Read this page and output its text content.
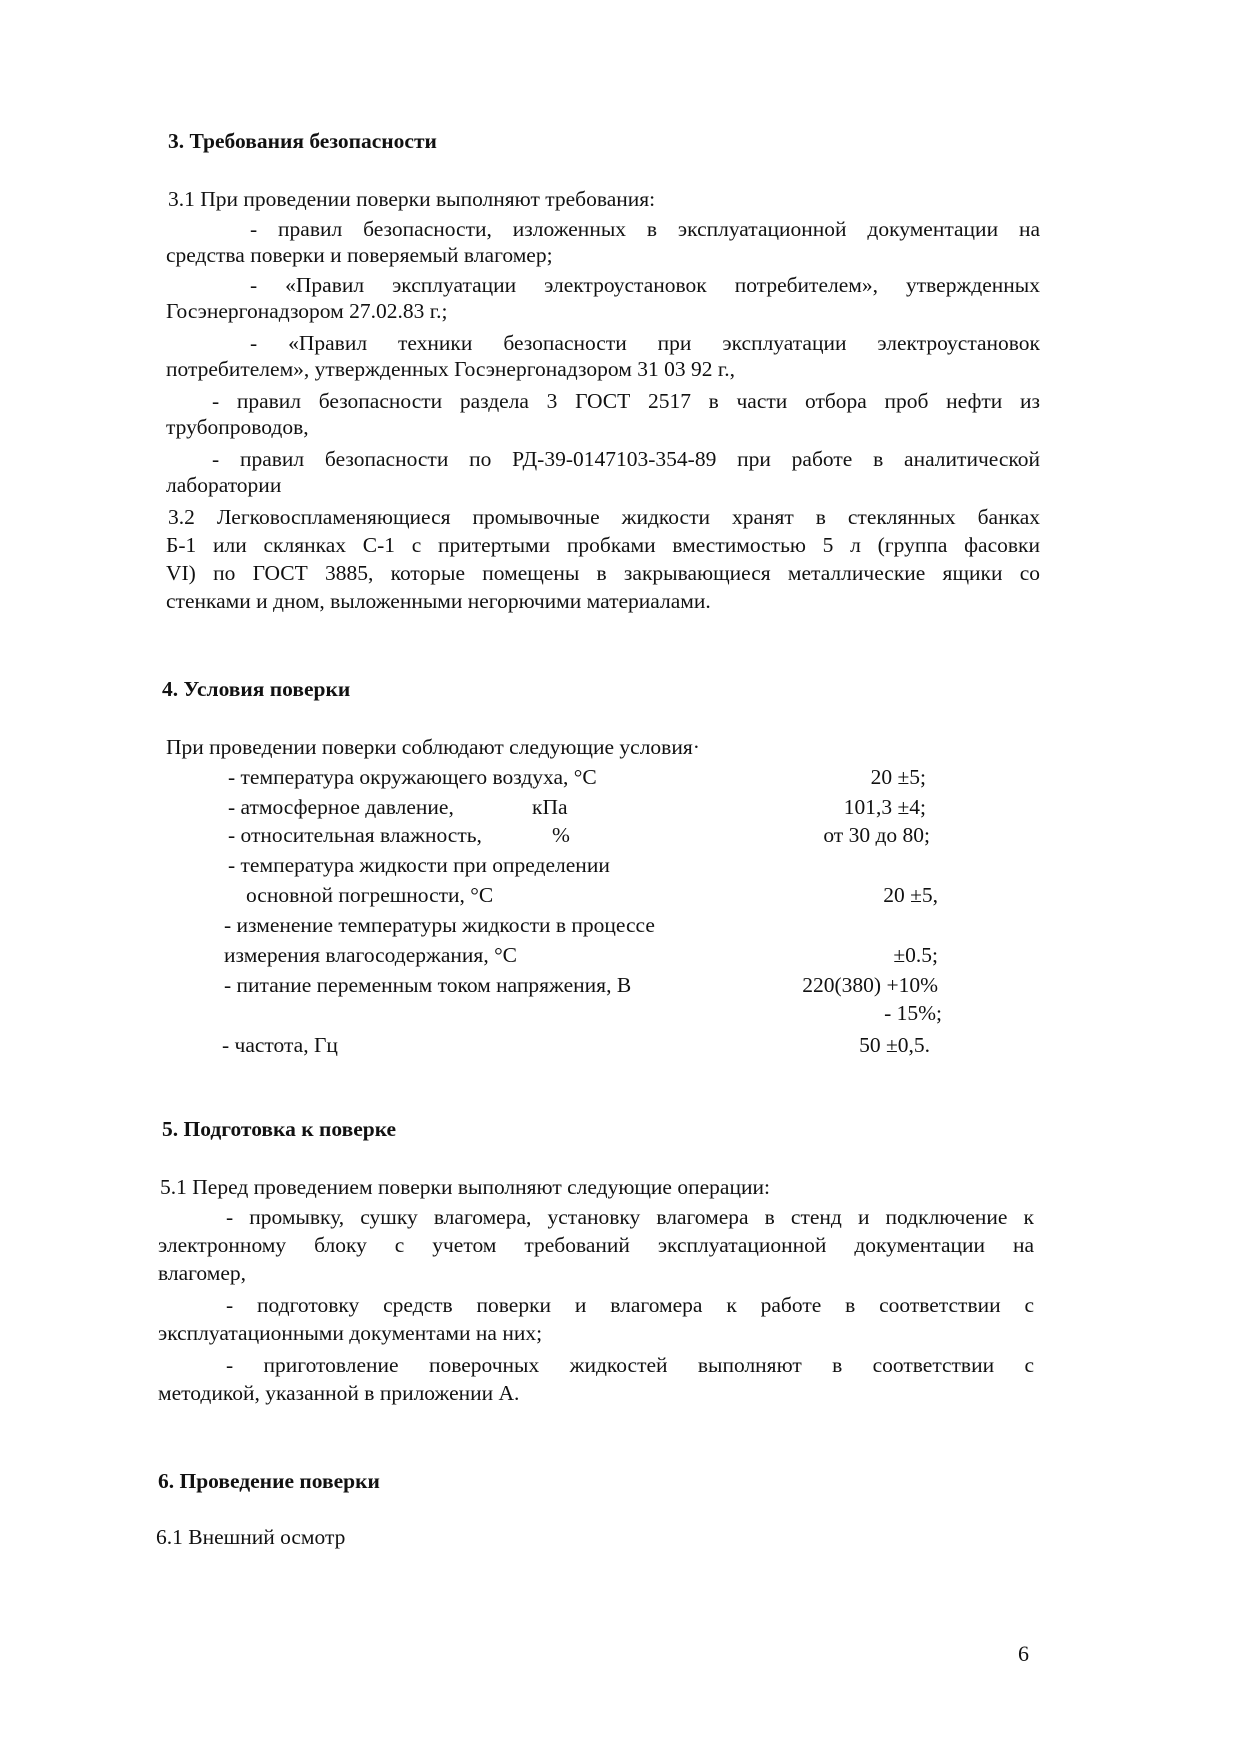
3. Требования безопасности
3.1 При проведении поверки выполняют требования:
- правил безопасности, изложенных в эксплуатационной документации на
средства поверки и поверяемый влагомер;
- «Правил эксплуатации электроустановок потребителем», утвержденных
Госэнергонадзором 27.02.83 г.;
- «Правил техники безопасности при эксплуатации электроустановок
потребителем», утвержденных Госэнергонадзором 31 03 92 г.,
- правил безопасности раздела 3 ГОСТ 2517 в части отбора проб нефти из
трубопроводов,
- правил безопасности по РД-39-0147103-354-89 при работе в аналитической
лаборатории
3.2 Легковоспламеняющиеся промывочные жидкости хранят в стеклянных банках
Б-1 или склянках С-1 с притертыми пробками вместимостью 5 л (группа фасовки
VI) по ГОСТ 3885, которые помещены в закрывающиеся металлические ящики со
стенками и дном, выложенными негорючими материалами.
4. Условия поверки
При проведении поверки соблюдают следующие условия·
- температура окружающего воздуха, °С	20 ±5;
- атмосферное давление,	кПа	101,3 ±4;
- относительная влажность,	%	от 30 до 80;
- температура жидкости при определении
основной погрешности, °С	20 ±5,
- изменение температуры жидкости в процессе
измерения влагосодержания, °С	±0.5;
- питание переменным током напряжения, В	220(380) +10%
- 15%;
- частота, Гц	50 ±0,5.
5. Подготовка к поверке
5.1 Перед проведением поверки выполняют следующие операции:
- промывку, сушку влагомера, установку влагомера в стенд и подключение к
электронному блоку с учетом требований эксплуатационной документации на
влагомер,
- подготовку средств поверки и влагомера к работе в соответствии с
эксплуатационными документами на них;
- приготовление поверочных жидкостей выполняют в соответствии с
методикой, указанной в приложении А.
6. Проведение поверки
6.1 Внешний осмотр
6
